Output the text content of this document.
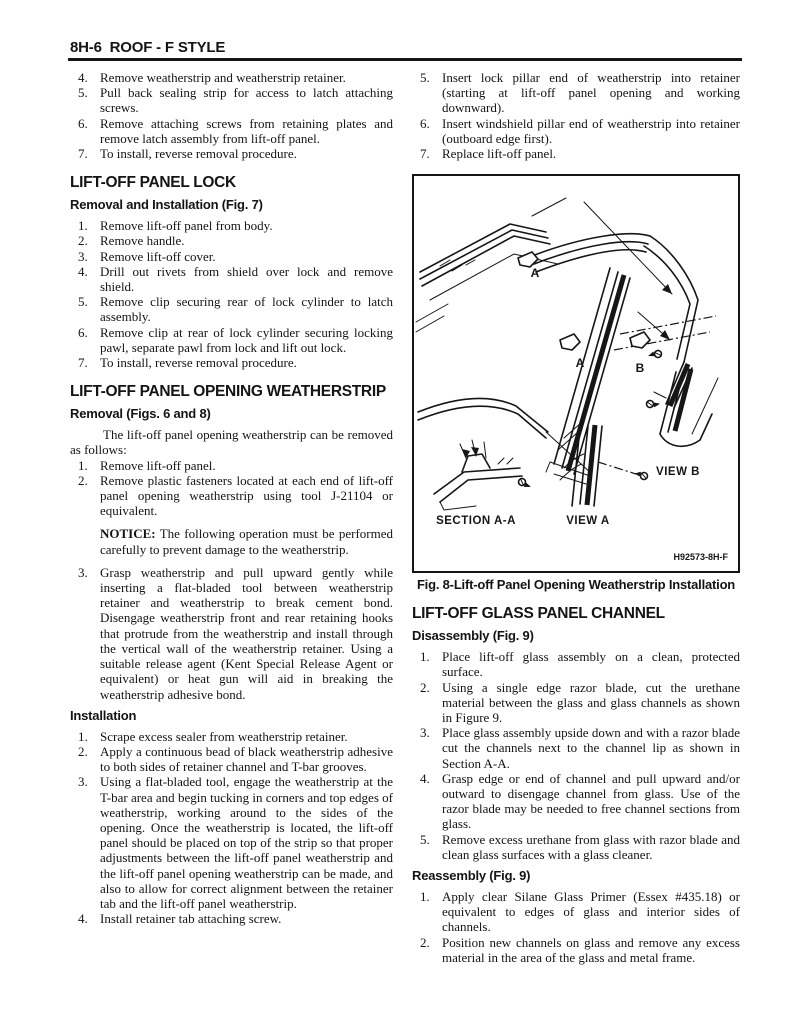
8H-6  ROOF - F STYLE
4. Remove weatherstrip and weatherstrip retainer.
5. Pull back sealing strip for access to latch attaching screws.
6. Remove attaching screws from retaining plates and remove latch assembly from lift-off panel.
7. To install, reverse removal procedure.
LIFT-OFF PANEL LOCK
Removal and Installation (Fig. 7)
1. Remove lift-off panel from body.
2. Remove handle.
3. Remove lift-off cover.
4. Drill out rivets from shield over lock and remove shield.
5. Remove clip securing rear of lock cylinder to latch assembly.
6. Remove clip at rear of lock cylinder securing locking pawl, separate pawl from lock and lift out lock.
7. To install, reverse removal procedure.
LIFT-OFF PANEL OPENING WEATHERSTRIP
Removal (Figs. 6 and 8)

The lift-off panel opening weatherstrip can be removed as follows:

1. Remove lift-off panel.
2. Remove plastic fasteners located at each end of lift-off panel opening weatherstrip using tool J-21104 or equivalent.
NOTICE: The following operation must be performed carefully to prevent damage to the weatherstrip.
3. Grasp weatherstrip and pull upward gently while inserting a flat-bladed tool between weatherstrip retainer and weatherstrip to break cement bond. Disengage weatherstrip front and rear retaining hooks that protrude from the weatherstrip and install through the vertical wall of the weatherstrip retainer. Using a suitable release agent (Kent Special Release Agent or equivalent) or heat gun will aid in breaking the weatherstrip adhesive bond.
Installation
1. Scrape excess sealer from weatherstrip retainer.
2. Apply a continuous bead of black weatherstrip adhesive to both sides of retainer channel and T-bar grooves.
3. Using a flat-bladed tool, engage the weatherstrip at the T-bar area and begin tucking in corners and top edges of weatherstrip, working around to the sides of the opening. Once the weatherstrip is located, the lift-off panel should be placed on top of the strip so that proper adjustments between the lift-off panel weatherstrip and the lift-off panel opening weatherstrip can be made, and also to allow for correct alignment between the retainer tab and the lift-off panel weatherstrip.
4. Install retainer tab attaching screw.
5. Insert lock pillar end of weatherstrip into retainer (starting at lift-off panel opening and working downward).
6. Insert windshield pillar end of weatherstrip into retainer (outboard edge first).
7. Replace lift-off panel.
A
A	B
SECTION A-A	VIEW A
VIEW B
H92573-8H-F

Fig. 8-Lift-off Panel Opening Weatherstrip Installation

LIFT-OFF GLASS PANEL CHANNEL
Disassembly (Fig. 9)
1. Place lift-off glass assembly on a clean, protected surface.
2. Using a single edge razor blade, cut the urethane material between the glass and glass channels as shown in Figure 9.
3. Place glass assembly upside down and with a razor blade cut the channels next to the channel lip as shown in Section A-A.
4. Grasp edge or end of channel and pull upward and/or outward to disengage channel from glass. Use of the razor blade may be needed to free channel sections from glass.
5. Remove excess urethane from glass with razor blade and clean glass surfaces with a glass cleaner.
Reassembly (Fig. 9)
1. Apply clear Silane Glass Primer (Essex #435.18) or equivalent to edges of glass and interior sides of channels.
2. Position new channels on glass and remove any excess material in the area of the glass and metal frame.
